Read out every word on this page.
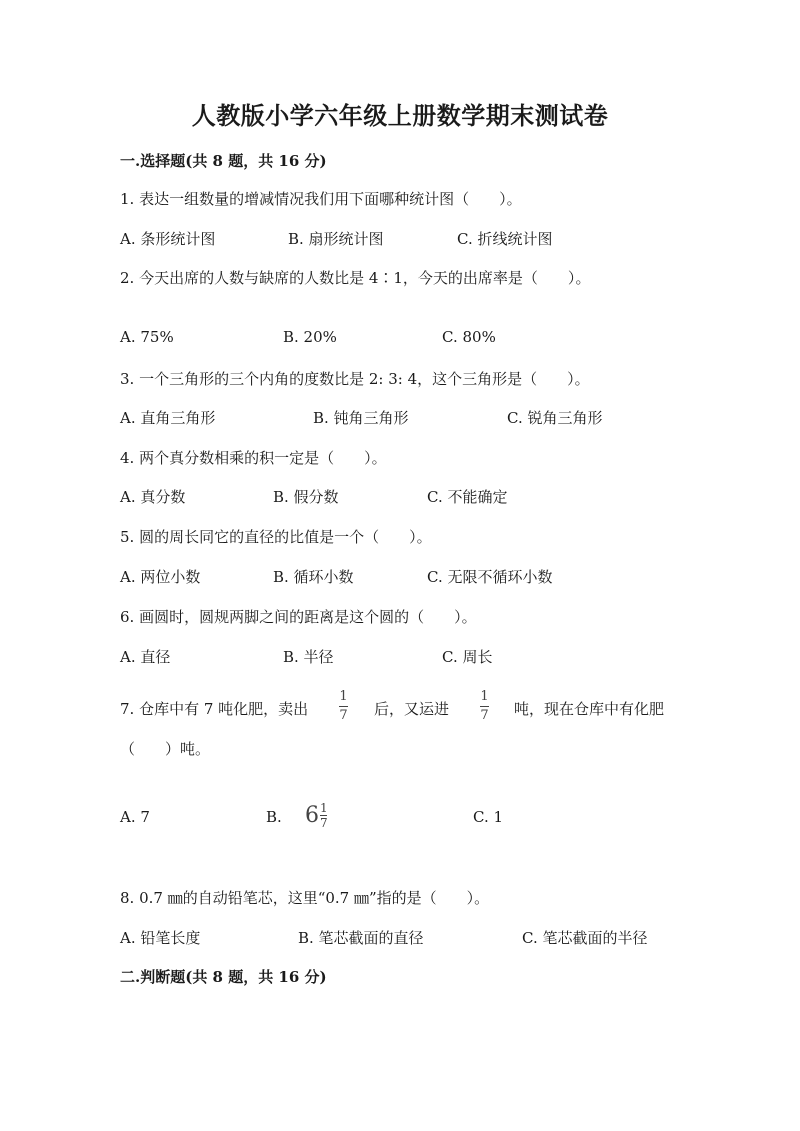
人教版小学六年级上册数学期末测试卷
一.选择题(共 8 题，共 16 分)
1. 表达一组数量的增减情况我们用下面哪种统计图（　　）。
A. 条形统计图	B. 扇形统计图	C. 折线统计图
2. 今天出席的人数与缺席的人数比是 4∶1，今天的出席率是（　　）。
A. 75%	B. 20%	C. 80%
3. 一个三角形的三个内角的度数比是 2: 3: 4，这个三角形是（　　）。
A. 直角三角形	B. 钝角三角形	C. 锐角三角形
4. 两个真分数相乘的积一定是（　　）。
A. 真分数	B. 假分数	C. 不能确定
5. 圆的周长同它的直径的比值是一个（　　）。
A. 两位小数	B. 循环小数	C. 无限不循环小数
6. 画圆时，圆规两脚之间的距离是这个圆的（　　）。
A. 直径	B. 半径	C. 周长
7. 仓库中有 7 吨化肥，卖出
1
7 后，又运进
1
7 吨，现在仓库中有化肥
（　　）吨。
A. 7	B. $6 \frac{1}{7}$	C. 1
8. 0.7 ㎜的自动铅笔芯，这里“0.7 ㎜”指的是（　　）。
A. 铅笔长度	B. 笔芯截面的直径	C. 笔芯截面的半径
二.判断题(共 8 题，共 16 分)
